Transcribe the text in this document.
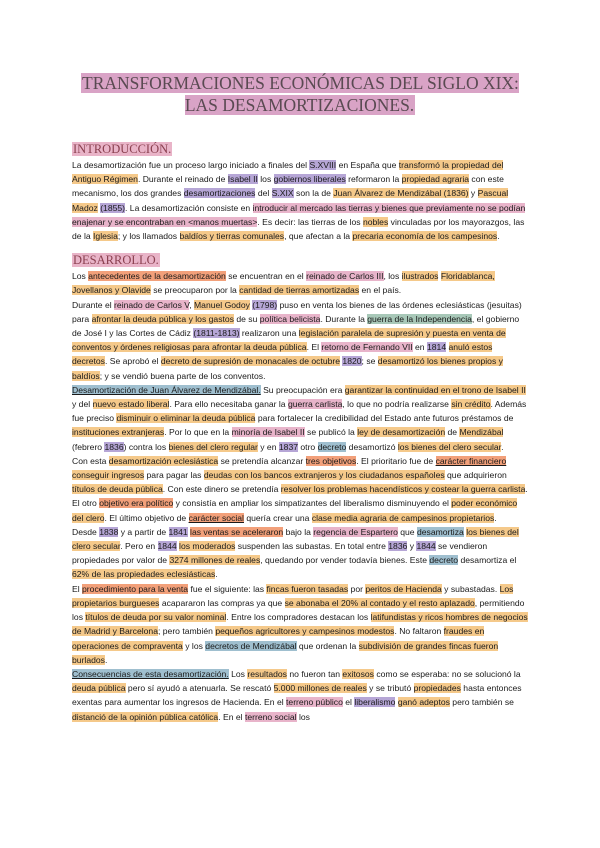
TRANSFORMACIONES ECONÓMICAS DEL SIGLO XIX: LAS DESAMORTIZACIONES.
INTRODUCCIÓN.

La desamortización fue un proceso largo iniciado a finales del S.XVIII en España que transformó la propiedad del Antiguo Régimen. Durante el reinado de Isabel II los gobiernos liberales reformaron la propiedad agraria con este mecanismo, los dos grandes desamortizaciones del S.XIX son la de Juan Álvarez de Mendizábal (1836) y Pascual Madoz (1855). La desamortización consiste en introducir al mercado las tierras y bienes que previamente no se podían enajenar y se encontraban en <manos muertas>. Es decir: las tierras de los nobles vinculadas por los mayorazgos, las de la Iglesia; y los llamados baldíos y tierras comunales, que afectan a la precaria economía de los campesinos.

DESARROLLO.

Los antecedentes de la desamortización se encuentran en el reinado de Carlos III, los ilustrados Floridablanca, Jovellanos y Olavide se preocuparon por la cantidad de tierras amortizadas en el país.

Durante el reinado de Carlos V, Manuel Godoy (1798) puso en venta los bienes de las órdenes eclesiásticas (jesuitas) para afrontar la deuda pública y los gastos de su política belicista. Durante la guerra de la Independencia, el gobierno de José I y las Cortes de Cádiz (1811-1813) realizaron una legislación paralela de supresión y puesta en venta de conventos y órdenes religiosas para afrontar la deuda pública. El retorno de Fernando VII en 1814 anuló estos decretos. Se aprobó el decreto de supresión de monacales de octubre 1820; se desamortizó los bienes propios y baldíos; y se vendió buena parte de los conventos.

Desamortización de Juan Álvarez de Mendizábal. Su preocupación era garantizar la continuidad en el trono de Isabel II y del nuevo estado liberal. Para ello necesitaba ganar la guerra carlista, lo que no podría realizarse sin crédito. Además fue preciso disminuir o eliminar la deuda pública para fortalecer la credibilidad del Estado ante futuros préstamos de instituciones extranjeras. Por lo que en la minoría de Isabel II se publicó la ley de desamortización de Mendizábal (febrero 1836) contra los bienes del clero regular y en 1837 otro decreto desamortizó los bienes del clero secular.

Con esta desamortización eclesiástica se pretendía alcanzar tres objetivos. El prioritario fue de carácter financiero conseguir ingresos para pagar las deudas con los bancos extranjeros y los ciudadanos españoles que adquirieron títulos de deuda pública. Con este dinero se pretendía resolver los problemas hacendísticos y costear la guerra carlista. El otro objetivo era político y consistía en ampliar los simpatizantes del liberalismo disminuyendo el poder económico del clero. El último objetivo de carácter social quería crear una clase media agraria de campesinos propietarios.

Desde 1838 y a partir de 1841 las ventas se aceleraron bajo la regencia de Espartero que desamortiza los bienes del clero secular. Pero en 1844 los moderados suspenden las subastas. En total entre 1836 y 1844 se vendieron propiedades por valor de 3274 millones de reales, quedando por vender todavía bienes. Este decreto desamortiza el 62% de las propiedades eclesiásticas.

El procedimiento para la venta fue el siguiente: las fincas fueron tasadas por peritos de Hacienda y subastadas. Los propietarios burgueses acapararon las compras ya que se abonaba el 20% al contado y el resto aplazado, permitiendo los títulos de deuda por su valor nominal. Entre los compradores destacan los latifundistas y ricos hombres de negocios de Madrid y Barcelona; pero también pequeños agricultores y campesinos modestos. No faltaron fraudes en operaciones de compraventa y los decretos de Mendizábal que ordenan la subdivisión de grandes fincas fueron burlados.

Consecuencias de esta desamortización. Los resultados no fueron tan exitosos como se esperaba: no se solucionó la deuda pública pero sí ayudó a atenuarla. Se rescató 5.000 millones de reales y se tributó propiedades hasta entonces exentas para aumentar los ingresos de Hacienda. En el terreno público el liberalismo ganó adeptos pero también se distanció de la opinión pública católica. En el terreno social los
